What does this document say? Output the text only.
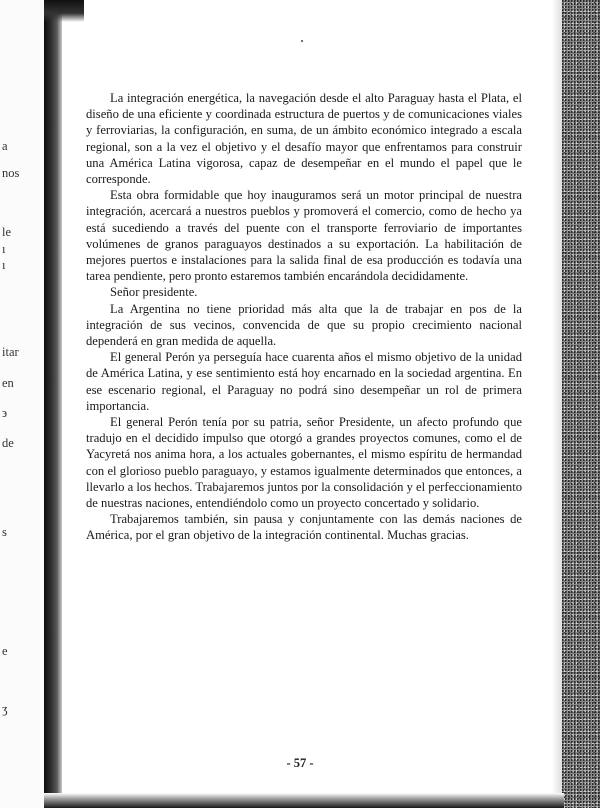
a
nos
le
ı
ı
itar
en
϶
de
s
e
ʒ

La integración energética, la navegación desde el alto Paraguay hasta el Plata, el diseño de una eficiente y coordinada estructura de puertos y de comunicaciones viales y ferroviarias, la configuración, en suma, de un ámbito económico integrado a escala regional, son a la vez el objetivo y el desafío mayor que enfrentamos para construir una América Latina vigorosa, capaz de desempeñar en el mundo el papel que le corresponde.

Esta obra formidable que hoy inauguramos será un motor principal de nuestra integración, acercará a nuestros pueblos y promoverá el comercio, como de hecho ya está sucediendo a través del puente con el transporte ferroviario de importantes volúmenes de granos paraguayos destinados a su exportación. La habilitación de mejores puertos e instalaciones para la salida final de esa producción es todavía una tarea pendiente, pero pronto estaremos también encarándola decididamente.

Señor presidente.

La Argentina no tiene prioridad más alta que la de trabajar en pos de la integración de sus vecinos, convencida de que su propio crecimiento nacional dependerá en gran medida de aquella.

El general Perón ya perseguía hace cuarenta años el mismo objetivo de la unidad de América Latina, y ese sentimiento está hoy encarnado en la sociedad argentina. En ese escenario regional, el Paraguay no podrá sino desempeñar un rol de primera importancia.

El general Perón tenía por su patria, señor Presidente, un afecto profundo que tradujo en el decidido impulso que otorgó a grandes proyectos comunes, como el de Yacyretá nos anima hora, a los actuales gobernantes, el mismo espíritu de hermandad con el glorioso pueblo paraguayo, y estamos igualmente determinados que entonces, a llevarlo a los hechos. Trabajaremos juntos por la consolidación y el perfeccionamiento de nuestras naciones, entendiéndolo como un proyecto concertado y solidario.

Trabajaremos también, sin pausa y conjuntamente con las demás naciones de América, por el gran objetivo de la integración continental. Muchas gracias.

- 57 -
